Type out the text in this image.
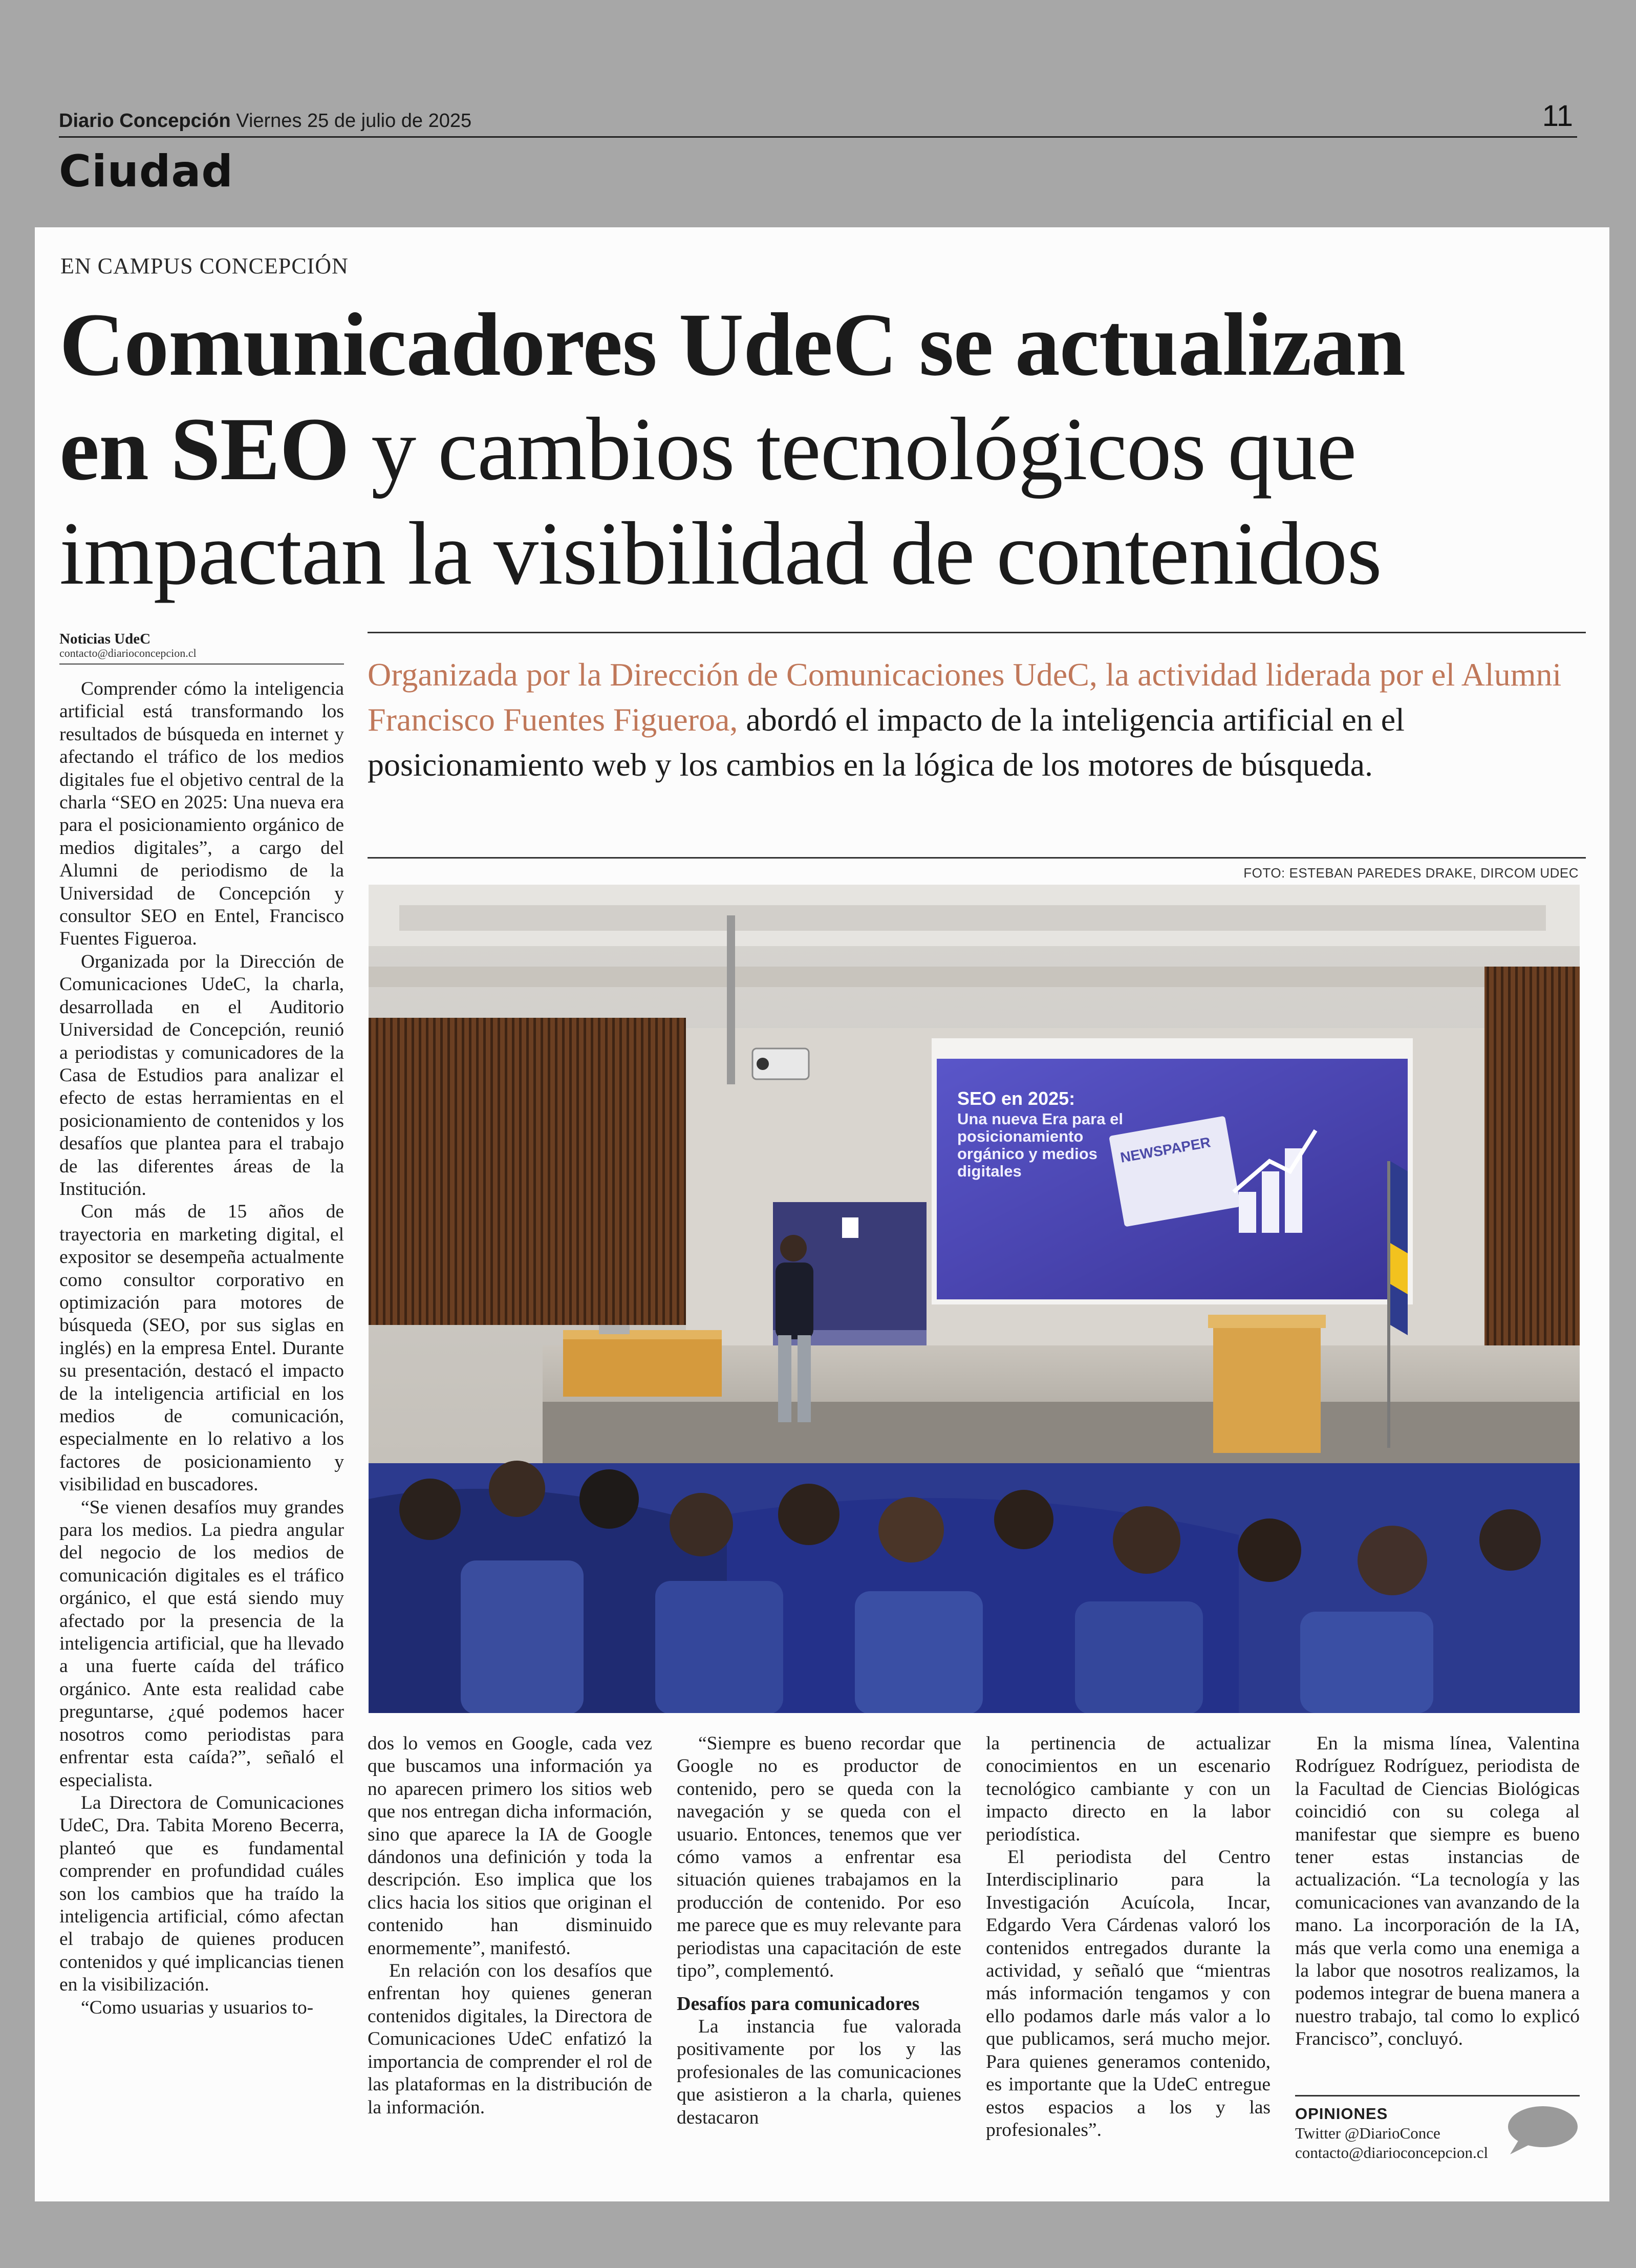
Diario Concepción Viernes 25 de julio de 2025	11
Ciudad
EN CAMPUS CONCEPCIÓN
Comunicadores UdeC se actualizan
en SEO y cambios tecnológicos que
impactan la visibilidad de contenidos
Noticias UdeC
contacto@diarioconcepcion.cl
Organizada por la Dirección de Comunicaciones UdeC, la actividad liderada por el Alumni Francisco Fuentes Figueroa, abordó el impacto de la inteligencia artificial en el posicionamiento web y los cambios en la lógica de los motores de búsqueda.
FOTO: ESTEBAN PAREDES DRAKE, DIRCOM UDEC
SEO en 2025:
Una nueva Era para el
posicionamiento
orgánico y medios
digitales
NEWSPAPER

Comprender cómo la inteligencia artificial está transformando los resultados de búsqueda en internet y afectando el tráfico de los medios digitales fue el objetivo central de la charla “SEO en 2025: Una nueva era para el posicionamiento orgánico de medios digitales”, a cargo del Alumni de periodismo de la Universidad de Concepción y consultor SEO en Entel, Francisco Fuentes Figueroa.

Organizada por la Dirección de Comunicaciones UdeC, la charla, desarrollada en el Auditorio Universidad de Concepción, reunió a periodistas y comunicadores de la Casa de Estudios para analizar el efecto de estas herramientas en el posicionamiento de contenidos y los desafíos que plantea para el trabajo de las diferentes áreas de la Institución.

Con más de 15 años de trayectoria en marketing digital, el expositor se desempeña actualmente como consultor corporativo en optimización para motores de búsqueda (SEO, por sus siglas en inglés) en la empresa Entel. Durante su presentación, destacó el impacto de la inteligencia artificial en los medios de comunicación, especialmente en lo relativo a los factores de posicionamiento y visibilidad en buscadores.

“Se vienen desafíos muy grandes para los medios. La piedra angular del negocio de los medios de comunicación digitales es el tráfico orgánico, el que está siendo muy afectado por la presencia de la inteligencia artificial, que ha llevado a una fuerte caída del tráfico orgánico. Ante esta realidad cabe preguntarse, ¿qué podemos hacer nosotros como periodistas para enfrentar esta caída?”, señaló el especialista.

La Directora de Comunicaciones UdeC, Dra. Tabita Moreno Becerra, planteó que es fundamental comprender en profundidad cuáles son los cambios que ha traído la inteligencia artificial, cómo afectan el trabajo de quienes producen contenidos y qué implicancias tienen en la visibilización.

“Como usuarias y usuarios to-

dos lo vemos en Google, cada vez que buscamos una información ya no aparecen primero los sitios web que nos entregan dicha información, sino que aparece la IA de Google dándonos una definición y toda la descripción. Eso implica que los clics hacia los sitios que originan el contenido han disminuido enormemente”, manifestó.

En relación con los desafíos que enfrentan hoy quienes generan contenidos digitales, la Directora de Comunicaciones UdeC enfatizó la importancia de comprender el rol de las plataformas en la distribución de la información.

“Siempre es bueno recordar que Google no es productor de contenido, pero se queda con la navegación y se queda con el usuario. Entonces, tenemos que ver cómo vamos a enfrentar esa situación quienes trabajamos en la producción de contenido. Por eso me parece que es muy relevante para periodistas una capacitación de este tipo”, complementó.

Desafíos para comunicadores

La instancia fue valorada positivamente por los y las profesionales de las comunicaciones que asistieron a la charla, quienes destacaron

la pertinencia de actualizar conocimientos en un escenario tecnológico cambiante y con un impacto directo en la labor periodística.

El periodista del Centro Interdisciplinario para la Investigación Acuícola, Incar, Edgardo Vera Cárdenas valoró los contenidos entregados durante la actividad, y señaló que “mientras más información tengamos y con ello podamos darle más valor a lo que publicamos, será mucho mejor. Para quienes generamos contenido, es importante que la UdeC entregue estos espacios a los y las profesionales”.

En la misma línea, Valentina Rodríguez Rodríguez, periodista de la Facultad de Ciencias Biológicas coincidió con su colega al manifestar que siempre es bueno tener estas instancias de actualización. “La tecnología y las comunicaciones van avanzando de la mano. La incorporación de la IA, más que verla como una enemiga a la labor que nosotros realizamos, la podemos integrar de buena manera a nuestro trabajo, tal como lo explicó Francisco”, concluyó.

OPINIONES
Twitter @DiarioConce
contacto@diarioconcepcion.cl
